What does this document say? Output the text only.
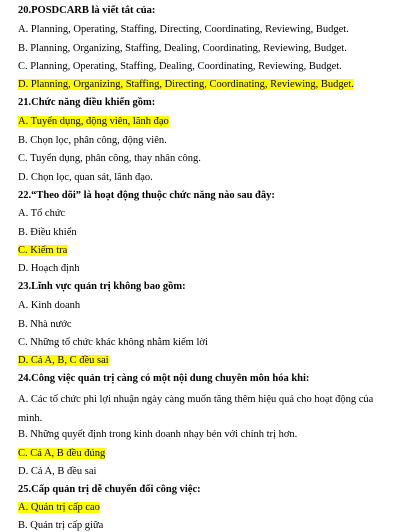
20.POSDCARB là viết tắt của:
A. Planning, Operating, Staffing, Directing, Coordinating, Reviewing, Budget.
B. Planning, Organizing, Staffing, Dealing, Coordinating, Reviewing, Budget.
C. Planning, Operating, Staffing, Dealing, Coordinating, Reviewing, Budget.
D. Planning, Organizing, Staffing, Directing, Coordinating, Reviewing, Budget.
21.Chức năng điều khiển gồm:
A. Tuyển dụng, động viên, lãnh đạo
B. Chọn lọc, phân công, động viên.
C. Tuyển dụng, phân công, thay nhân công.
D. Chọn lọc, quan sát, lãnh đạo.
22.“Theo dõi” là hoạt động thuộc chức năng nào sau đây:
A. Tổ chức
B. Điều khiển
C. Kiểm tra
D. Hoạch định
23.Lĩnh vực quản trị không bao gồm:
A. Kinh doanh
B. Nhà nước
C. Những tổ chức khác không nhằm kiếm lời
D. Cả A, B, C đều sai
24.Công việc quản trị càng có một nội dung chuyên môn hóa khi:
A. Các tổ chức phi lợi nhuận ngày càng muốn tăng thêm hiệu quả cho hoạt động của mình.
B. Những quyết định trong kinh doanh nhạy bén với chính trị hơn.
C. Cả A, B đều đúng
D. Cả A, B đều sai
25.Cấp quản trị dễ chuyển đổi công việc:
A. Quản trị cấp cao
B. Quản trị cấp giữa
